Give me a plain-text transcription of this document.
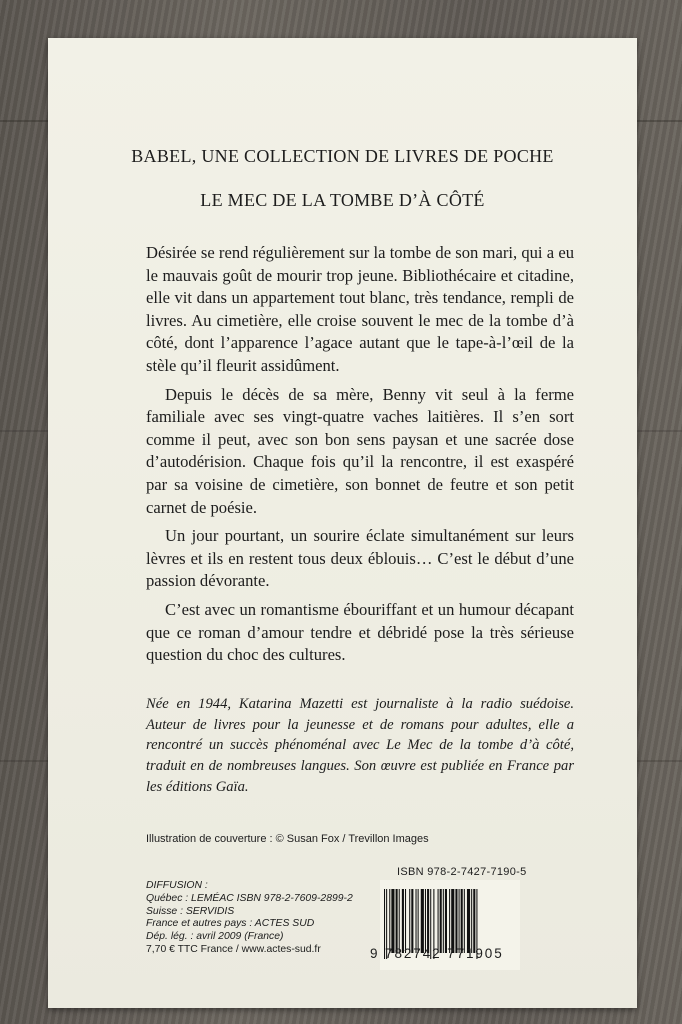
BABEL, UNE COLLECTION DE LIVRES DE POCHE
LE MEC DE LA TOMBE D’À CÔTÉ

Désirée se rend régulièrement sur la tombe de son mari, qui a eu le mauvais goût de mourir trop jeune. Bibliothécaire et citadine, elle vit dans un appartement tout blanc, très tendance, rempli de livres. Au cimetière, elle croise souvent le mec de la tombe d’à côté, dont l’apparence l’agace autant que le tape-à-l’œil de la stèle qu’il fleurit assidûment.

Depuis le décès de sa mère, Benny vit seul à la ferme familiale avec ses vingt-quatre vaches laitières. Il s’en sort comme il peut, avec son bon sens paysan et une sacrée dose d’autodérision. Chaque fois qu’il la rencontre, il est exaspéré par sa voisine de cimetière, son bonnet de feutre et son petit carnet de poésie.

Un jour pourtant, un sourire éclate simultanément sur leurs lèvres et ils en restent tous deux éblouis… C’est le début d’une passion dévorante.

C’est avec un romantisme ébouriffant et un humour décapant que ce roman d’amour tendre et débridé pose la très sérieuse question du choc des cultures.

Née en 1944, Katarina Mazetti est journaliste à la radio suédoise. Auteur de livres pour la jeunesse et de romans pour adultes, elle a rencontré un succès phénoménal avec Le Mec de la tombe d’à côté, traduit en de nombreuses langues. Son œuvre est publiée en France par les éditions Gaïa.
Illustration de couverture : © Susan Fox / Trevillon Images
DIFFUSION :
Québec : LEMÉAC ISBN 978-2-7609-2899-2
Suisse : SERVIDIS
France et autres pays : ACTES SUD
Dép. lég. : avril 2009 (France)
7,70 € TTC France / www.actes-sud.fr
ISBN 978-2-7427-7190-5
9 782742 771905
